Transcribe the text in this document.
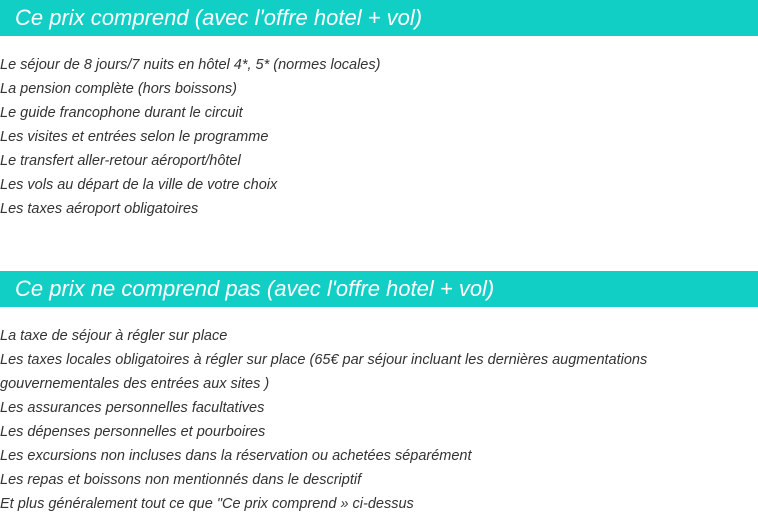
Ce prix comprend (avec l'offre hotel + vol)
Le séjour de 8 jours/7 nuits en hôtel 4*, 5* (normes locales)
La pension complète (hors boissons)
Le guide francophone durant le circuit
Les visites et entrées selon le programme
Le transfert aller-retour aéroport/hôtel
Les vols au départ de la ville de votre choix
Les taxes aéroport obligatoires
Ce prix ne comprend pas (avec l'offre hotel + vol)
La taxe de séjour à régler sur place
Les taxes locales obligatoires à régler sur place (65€ par séjour incluant les dernières augmentations gouvernementales des entrées aux sites )
Les assurances personnelles facultatives
Les dépenses personnelles et pourboires
Les excursions non incluses dans la réservation ou achetées séparément
Les repas et boissons non mentionnés dans le descriptif
Et plus généralement tout ce que "Ce prix comprend » ci-dessus
